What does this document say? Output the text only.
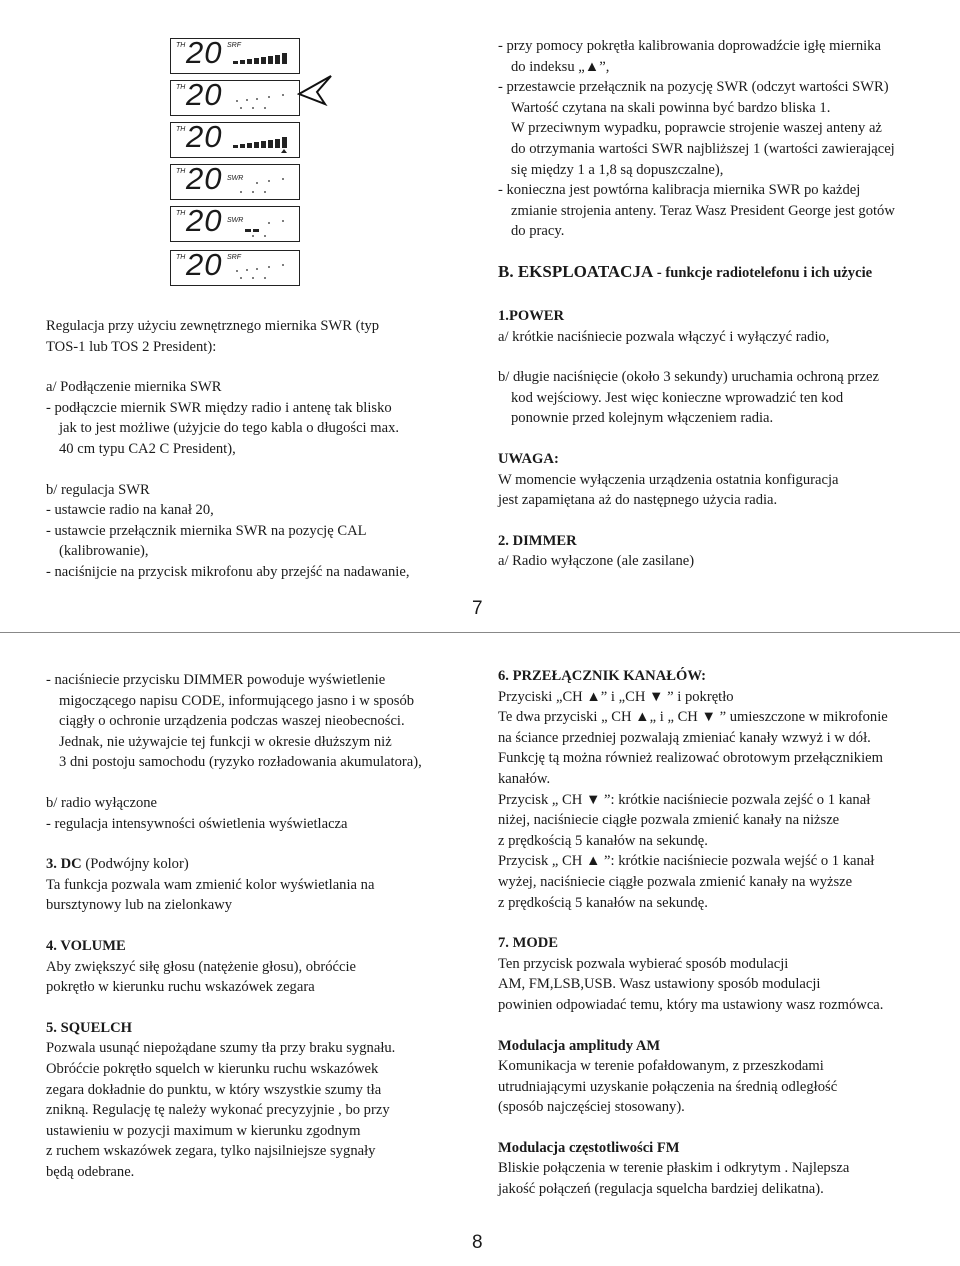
TH 20 SRF
TH 20
TH 20
TH 20 SWR
TH 20 SWR
TH 20 SRF

- przy pomocy pokrętła kalibrowania doprowadźcie igłę miernika

do indeksu „▲”,

- przestawcie przełącznik na pozycję SWR (odczyt wartości SWR)

Wartość czytana na skali powinna być bardzo bliska 1.

W przeciwnym wypadku, poprawcie strojenie waszej anteny aż

do otrzymania wartości SWR najbliższej 1 (wartości zawierającej

się między 1 a 1,8 są dopuszczalne),

- konieczna jest powtórna kalibracja miernika SWR po każdej

zmianie strojenia anteny. Teraz Wasz President George jest gotów

do pracy.

B. EKSPLOATACJA - funkcje radiotelefonu i ich użycie

1.POWER

a/ krótkie naciśniecie pozwala włączyć i wyłączyć radio,

b/ długie naciśnięcie (około 3 sekundy) uruchamia ochroną przez

kod wejściowy. Jest więc konieczne wprowadzić ten kod

ponownie przed kolejnym włączeniem radia.

UWAGA:

W momencie wyłączenia urządzenia ostatnia konfiguracja

jest zapamiętana aż do następnego użycia radia.

2. DIMMER

a/ Radio wyłączone (ale zasilane)

Regulacja przy użyciu zewnętrznego miernika SWR (typ

TOS-1 lub TOS 2 President):

a/ Podłączenie miernika SWR

- podłączcie miernik SWR między radio i antenę tak blisko

jak to jest możliwe (użyjcie do tego kabla o długości max.

40 cm typu CA2 C President),

b/ regulacja SWR

- ustawcie radio na kanał 20,

- ustawcie przełącznik miernika SWR na pozycję CAL

(kalibrowanie),

- naciśnijcie na przycisk mikrofonu aby przejść na nadawanie,

7

- naciśniecie przycisku DIMMER powoduje wyświetlenie

migoczącego napisu CODE, informującego jasno i w sposób

ciągły o ochronie urządzenia podczas waszej nieobecności.

Jednak, nie używajcie tej funkcji w okresie dłuższym niż

3 dni postoju samochodu (ryzyko rozładowania akumulatora),

b/ radio wyłączone

- regulacja intensywności oświetlenia wyświetlacza

3. DC (Podwójny kolor)

Ta funkcja pozwala wam zmienić kolor wyświetlania na

bursztynowy lub na zielonkawy

4. VOLUME

Aby zwiększyć siłę głosu (natężenie głosu), obróćcie

pokrętło w kierunku ruchu wskazówek zegara

5. SQUELCH

Pozwala usunąć niepożądane szumy tła przy braku sygnału.

Obróćcie pokrętło squelch w kierunku ruchu wskazówek

zegara dokładnie do punktu, w który wszystkie szumy tła

znikną. Regulację tę należy wykonać precyzyjnie , bo przy

ustawieniu w pozycji maximum w kierunku zgodnym

z ruchem wskazówek zegara, tylko najsilniejsze sygnały

będą odebrane.

6. PRZEŁĄCZNIK KANAŁÓW:

Przyciski „CH ▲” i „CH ▼ ” i pokrętło

Te dwa przyciski „ CH ▲„ i „ CH ▼ ” umieszczone w mikrofonie

na ściance przedniej pozwalają zmieniać kanały wzwyż i w dół.

Funkcję tą można również realizować obrotowym przełącznikiem

kanałów.

Przycisk „ CH ▼ ”: krótkie naciśniecie pozwala zejść o 1 kanał

niżej, naciśniecie ciągłe pozwala zmienić kanały na niższe

z prędkością 5 kanałów na sekundę.

Przycisk „ CH ▲ ”: krótkie naciśniecie pozwala wejść o 1 kanał

wyżej, naciśniecie ciągłe pozwala zmienić kanały na wyższe

z prędkością 5 kanałów na sekundę.

7. MODE

Ten przycisk pozwala wybierać sposób modulacji

AM, FM,LSB,USB. Wasz ustawiony sposób modulacji

powinien odpowiadać temu, który ma ustawiony wasz rozmówca.

Modulacja amplitudy AM

Komunikacja w terenie pofałdowanym, z przeszkodami

utrudniającymi uzyskanie połączenia na średnią odległość

(sposób najczęściej stosowany).

Modulacja częstotliwości FM

Bliskie połączenia w terenie płaskim i odkrytym . Najlepsza

jakość połączeń (regulacja squelcha bardziej delikatna).

8
